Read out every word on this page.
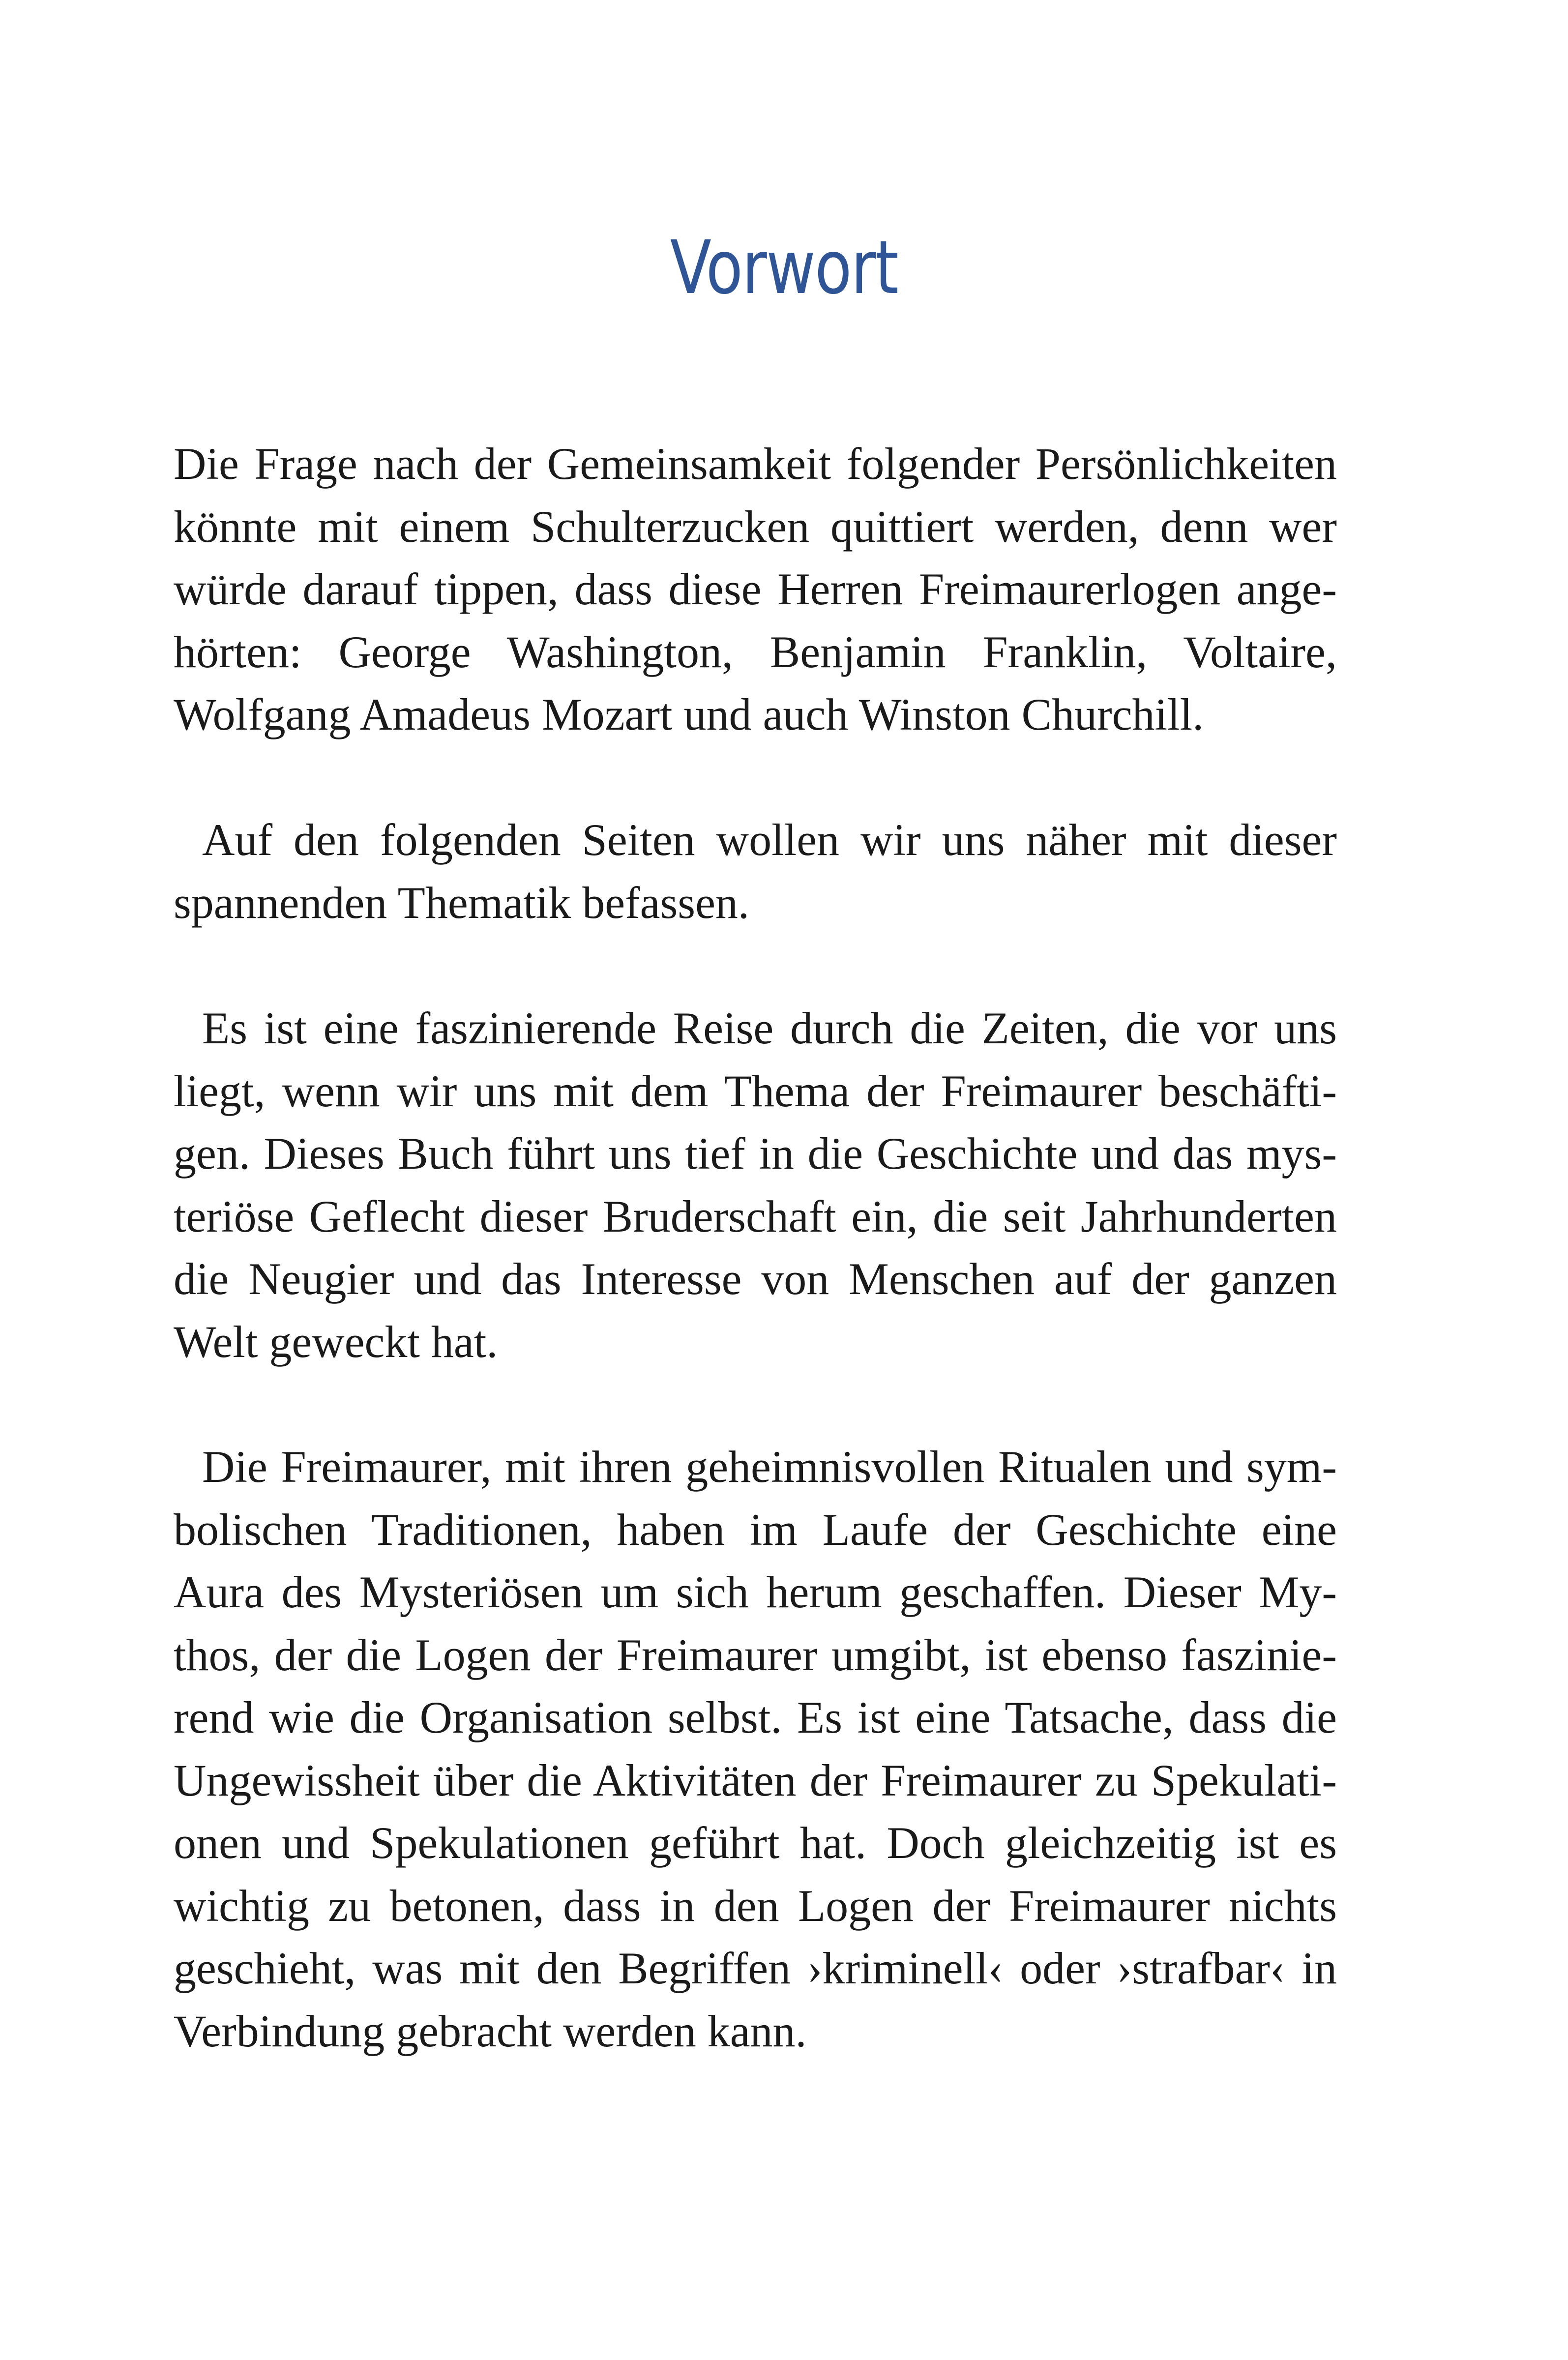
Vorwort
Die Frage nach der Gemeinsamkeit folgender Persönlichkeiten
könnte mit einem Schulterzucken quittiert werden, denn wer
würde darauf tippen, dass diese Herren Freimaurerlogen ange-
hörten: George Washington, Benjamin Franklin, Voltaire,
Wolfgang Amadeus Mozart und auch Winston Churchill.
Auf den folgenden Seiten wollen wir uns näher mit dieser
spannenden Thematik befassen.
Es ist eine faszinierende Reise durch die Zeiten, die vor uns
liegt, wenn wir uns mit dem Thema der Freimaurer beschäfti-
gen. Dieses Buch führt uns tief in die Geschichte und das mys-
teriöse Geflecht dieser Bruderschaft ein, die seit Jahrhunderten
die Neugier und das Interesse von Menschen auf der ganzen
Welt geweckt hat.
Die Freimaurer, mit ihren geheimnisvollen Ritualen und sym-
bolischen Traditionen, haben im Laufe der Geschichte eine
Aura des Mysteriösen um sich herum geschaffen. Dieser My-
thos, der die Logen der Freimaurer umgibt, ist ebenso faszinie-
rend wie die Organisation selbst. Es ist eine Tatsache, dass die
Ungewissheit über die Aktivitäten der Freimaurer zu Spekulati-
onen und Spekulationen geführt hat. Doch gleichzeitig ist es
wichtig zu betonen, dass in den Logen der Freimaurer nichts
geschieht, was mit den Begriffen ›kriminell‹ oder ›strafbar‹ in
Verbindung gebracht werden kann.
